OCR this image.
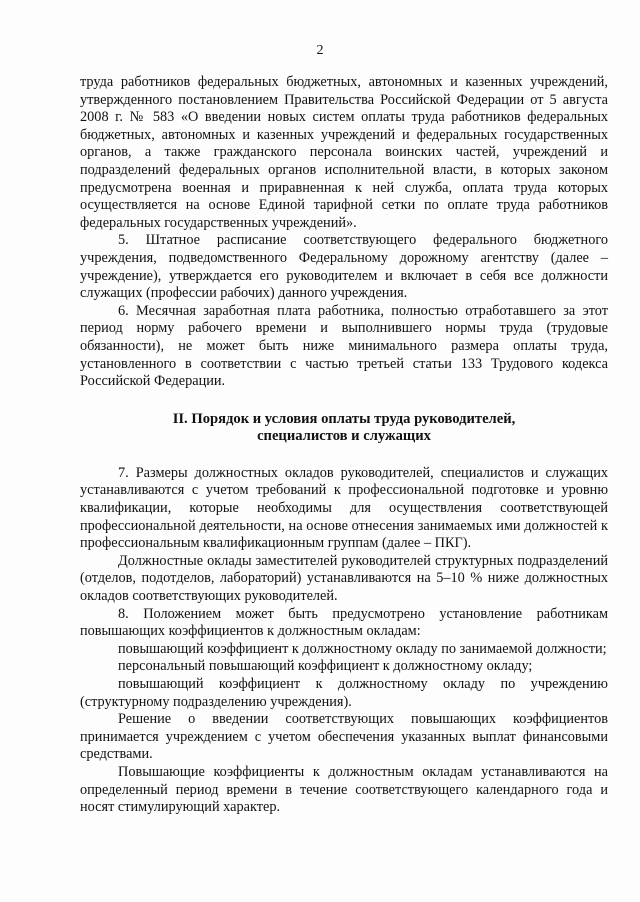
2

труда работников федеральных бюджетных, автономных и казенных учреждений, утвержденного постановлением Правительства Российской Федерации от 5 августа 2008 г. № 583 «О введении новых систем оплаты труда работников федеральных бюджетных, автономных и казенных учреждений и федеральных государственных органов, а также гражданского персонала воинских частей, учреждений и подразделений федеральных органов исполнительной власти, в которых законом предусмотрена военная и приравненная к ней служба, оплата труда которых осуществляется на основе Единой тарифной сетки по оплате труда работников федеральных государственных учреждений».

5. Штатное расписание соответствующего федерального бюджетного учреждения, подведомственного Федеральному дорожному агентству (далее – учреждение), утверждается его руководителем и включает в себя все должности служащих (профессии рабочих) данного учреждения.

6. Месячная заработная плата работника, полностью отработавшего за этот период норму рабочего времени и выполнившего нормы труда (трудовые обязанности), не может быть ниже минимального размера оплаты труда, установленного в соответствии с частью третьей статьи 133 Трудового кодекса Российской Федерации.

II. Порядок и условия оплаты труда руководителей,
специалистов и служащих

7. Размеры должностных окладов руководителей, специалистов и служащих устанавливаются с учетом требований к профессиональной подготовке и уровню квалификации, которые необходимы для осуществления соответствующей профессиональной деятельности, на основе отнесения занимаемых ими должностей к профессиональным квалификационным группам (далее – ПКГ).

Должностные оклады заместителей руководителей структурных подразделений (отделов, подотделов, лабораторий) устанавливаются на 5–10 % ниже должностных окладов соответствующих руководителей.

8. Положением может быть предусмотрено установление работникам повышающих коэффициентов к должностным окладам:

повышающий коэффициент к должностному окладу по занимаемой должности;

персональный повышающий коэффициент к должностному окладу;

повышающий коэффициент к должностному окладу по учреждению (структурному подразделению учреждения).

Решение о введении соответствующих повышающих коэффициентов принимается учреждением с учетом обеспечения указанных выплат финансовыми средствами.

Повышающие коэффициенты к должностным окладам устанавливаются на определенный период времени в течение соответствующего календарного года и носят стимулирующий характер.
